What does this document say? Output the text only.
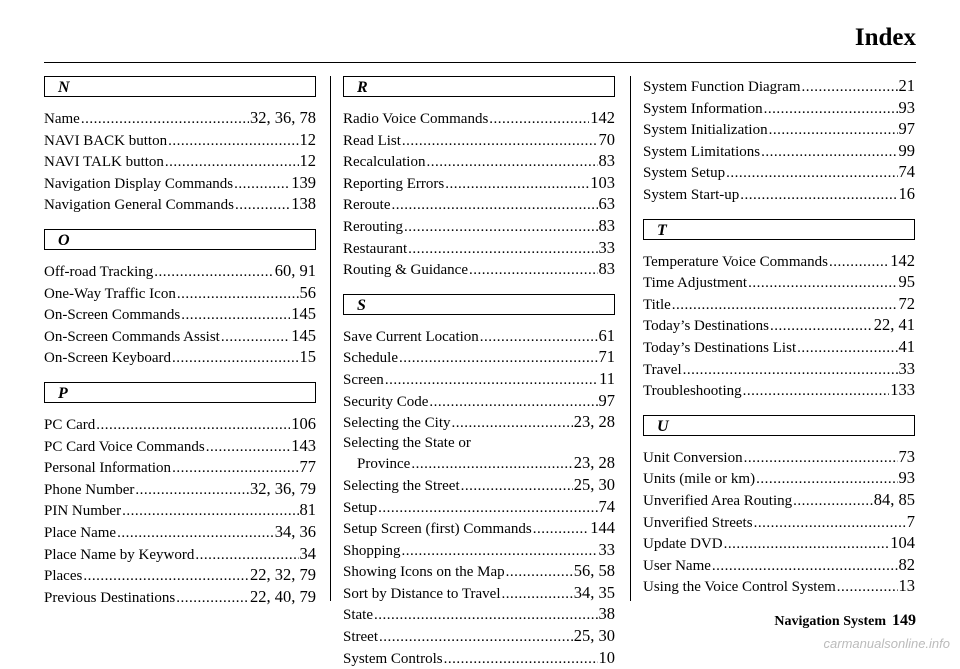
Index
N
Name .....	32, 36, 78
NAVI BACK button .....	12
NAVI TALK button .....	12
Navigation Display Commands .....	139
Navigation General Commands .....	138
O
Off-road Tracking .....	60, 91
One-Way Traffic Icon .....	56
On-Screen Commands .....	145
On-Screen Commands Assist .....	145
On-Screen Keyboard .....	15
P
PC Card .....	106
PC Card Voice Commands .....	143
Personal Information .....	77
Phone Number .....	32, 36, 79
PIN Number .....	81
Place Name .....	34, 36
Place Name by Keyword .....	34
Places .....	22, 32, 79
Previous Destinations .....	22, 40, 79
R
Radio Voice Commands .....	142
Read List .....	70
Recalculation .....	83
Reporting Errors .....	103
Reroute .....	63
Rerouting .....	83
Restaurant .....	33
Routing & Guidance .....	83
S
Save Current Location .....	61
Schedule .....	71
Screen .....	11
Security Code .....	97
Selecting the City .....	23, 28
Selecting the State or
Province .....	23, 28
Selecting the Street .....	25, 30
Setup .....	74
Setup Screen (first) Commands .....	144
Shopping .....	33
Showing Icons on the Map .....	56, 58
Sort by Distance to Travel .....	34, 35
State .....	38
Street .....	25, 30
System Controls .....	10
System Function Diagram .....	21
System Information .....	93
System Initialization .....	97
System Limitations .....	99
System Setup .....	74
System Start-up .....	16
T
Temperature Voice Commands .....	142
Time Adjustment .....	95
Title .....	72
Today’s Destinations .....	22, 41
Today’s Destinations List .....	41
Travel .....	33
Troubleshooting .....	133
U
Unit Conversion .....	73
Units (mile or km) .....	93
Unverified Area Routing .....	84, 85
Unverified Streets .....	7
Update DVD .....	104
User Name .....	82
Using the Voice Control System .....	13
Navigation System 149
carmanualsonline.info
